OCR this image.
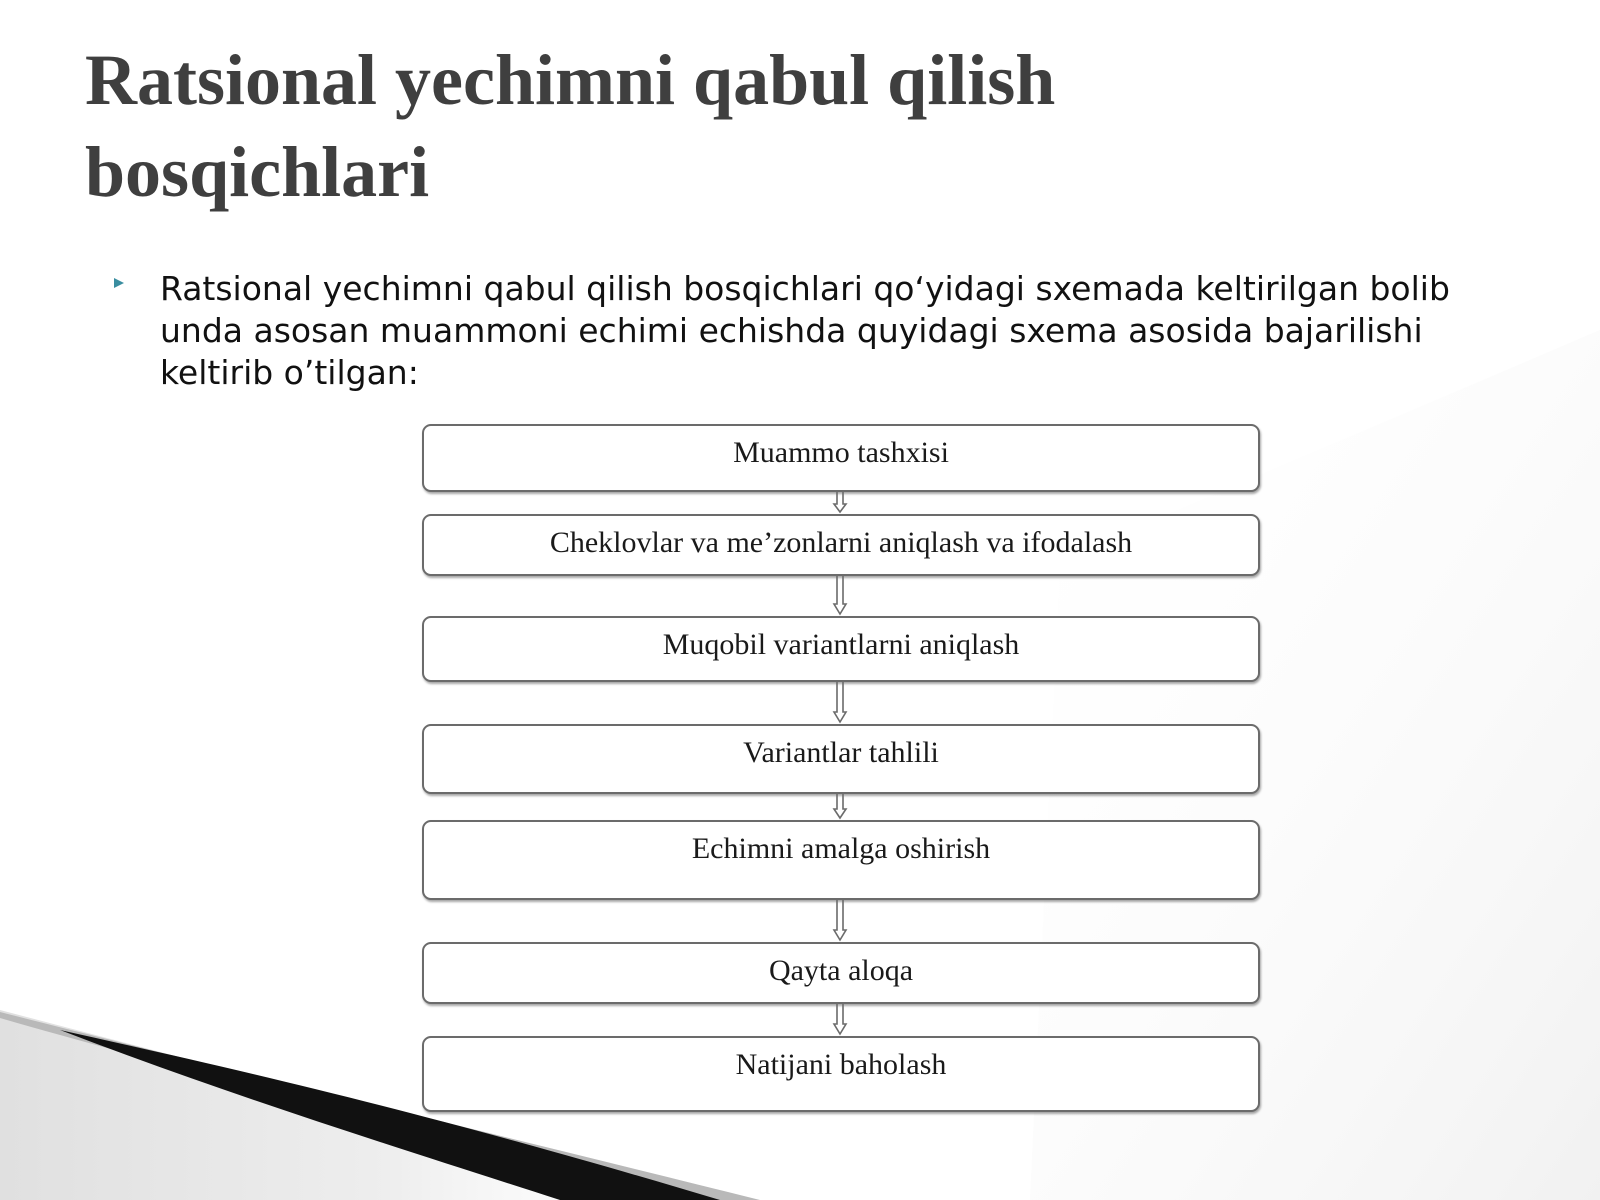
Ratsional yechimni qabul qilish bosqichlari

Ratsional yechimni qabul qilish bosqichlari qo‘yidagi sxemada keltirilgan bolib unda asosan muammoni echimi echishda quyidagi sxema asosida bajarilishi keltirib o’tilgan:

Muammo tashxisi
Cheklovlar va me’zonlarni aniqlash va ifodalash
Muqobil variantlarni aniqlash
Variantlar tahlili
Echimni amalga oshirish
Qayta aloqa
Natijani baholash
